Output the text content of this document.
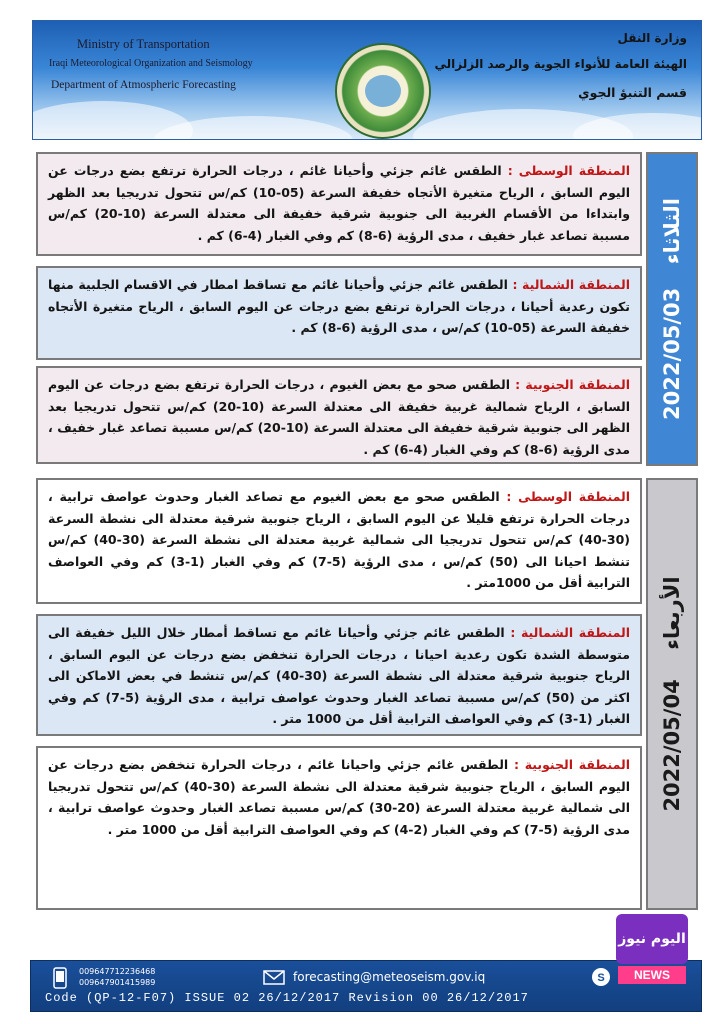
Ministry of Transportation
Iraqi Meteorological Organization and Seismology
Department of Atmospheric Forecasting
وزارة النقل
الهيئة العامة للأنواء الجوية والرصد الزلزالي
قسم التنبؤ الجوي
المنطقة الوسطى : الطقس غائم جزئي وأحيانا غائم ، درجات الحرارة ترتفع بضع درجات عن اليوم السابق ، الرياح متغيرة الأتجاه خفيفة السرعة (05-10) كم/س تتحول تدريجيا بعد الظهر وابتداءا من الأقسام الغربية الى جنوبية شرقية خفيفة الى معتدلة السرعة (10-20) كم/س مسببة تصاعد غبار خفيف ، مدى الرؤية (6-8) كم وفي الغبار (4-6) كم .
المنطقة الشمالية : الطقس غائم جزئي وأحيانا غائم مع تساقط امطار في الاقسام الجلبية منها تكون رعدية أحيانا ، درجات الحرارة ترتفع بضع درجات عن اليوم السابق ، الرياح متغيرة الأتجاه خفيفة السرعة (05-10) كم/س ، مدى الرؤية (6-8) كم .
المنطقة الجنوبية : الطقس صحو مع بعض الغيوم ، درجات الحرارة ترتفع بضع درجات عن اليوم السابق ، الرياح شمالية غربية خفيفة الى معتدلة السرعة (10-20) كم/س تتحول تدريجيا بعد الظهر الى جنوبية شرقية خفيفة الى معتدلة السرعة (10-20) كم/س مسببة تصاعد غبار خفيف ، مدى الرؤية (6-8) كم وفي الغبار (4-6) كم .
2022/05/03 الثلاثاء
المنطقة الوسطى : الطقس صحو مع بعض الغيوم مع تصاعد الغبار وحدوث عواصف ترابية ، درجات الحرارة ترتفع قليلا عن اليوم السابق ، الرياح جنوبية شرقية معتدلة الى نشطة السرعة (30-40) كم/س تتحول تدريجيا الى شمالية غربية معتدلة الى نشطة السرعة (30-40) كم/س تنشط احيانا الى (50) كم/س ، مدى الرؤية (5-7) كم وفي الغبار (1-3) كم وفي العواصف الترابية أقل من 1000متر .
المنطقة الشمالية : الطقس غائم جزئي وأحيانا غائم مع تساقط أمطار خلال الليل خفيفة الى متوسطة الشدة تكون رعدية احيانا ، درجات الحرارة تنخفض بضع درجات عن اليوم السابق ، الرياح جنوبية شرقية معتدلة الى نشطة السرعة (30-40) كم/س تنشط في بعض الاماكن الى اكثر من (50) كم/س مسببة تصاعد الغبار وحدوث عواصف ترابية ، مدى الرؤية (5-7) كم وفي الغبار (1-3) كم وفي العواصف الترابية أقل من 1000 متر .
المنطقة الجنوبية : الطقس غائم جزئي واحيانا غائم ، درجات الحرارة تنخفض بضع درجات عن اليوم السابق ، الرياح جنوبية شرقية معتدلة الى نشطة السرعة (30-40) كم/س تتحول تدريجيا الى شمالية غربية معتدلة السرعة (20-30) كم/س مسببة تصاعد الغبار وحدوث عواصف ترابية ، مدى الرؤية (5-7) كم وفي الغبار (2-4) كم وفي العواصف الترابية أقل من 1000 متر .
2022/05/04 الأربعاء
009647712236468
009647901415989	forecasting@meteoseism.gov.iq	S
Code (QP-12-F07) ISSUE 02 26/12/2017 Revision 00 26/12/2017
اليوم نيوز
NEWS
